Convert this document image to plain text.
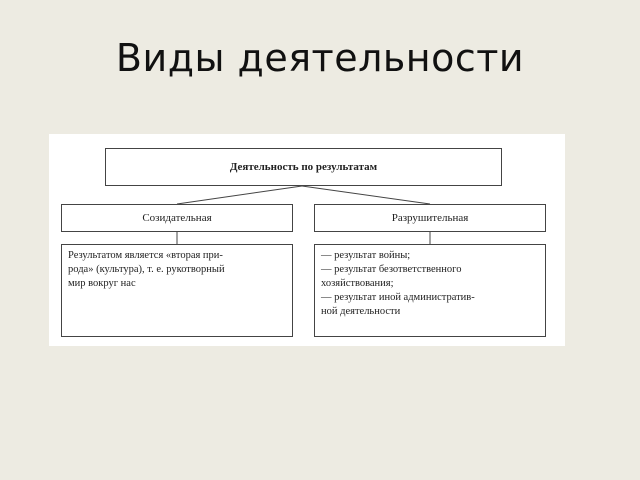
Виды деятельности
Деятельность по результатам
Созидательная	Разрушительная
Результатом является «вторая при-
рода» (культура), т. е. рукотворный
мир вокруг нас
— результат войны;
— результат безответственного
хозяйствования;
— результат иной административ-
ной деятельности
